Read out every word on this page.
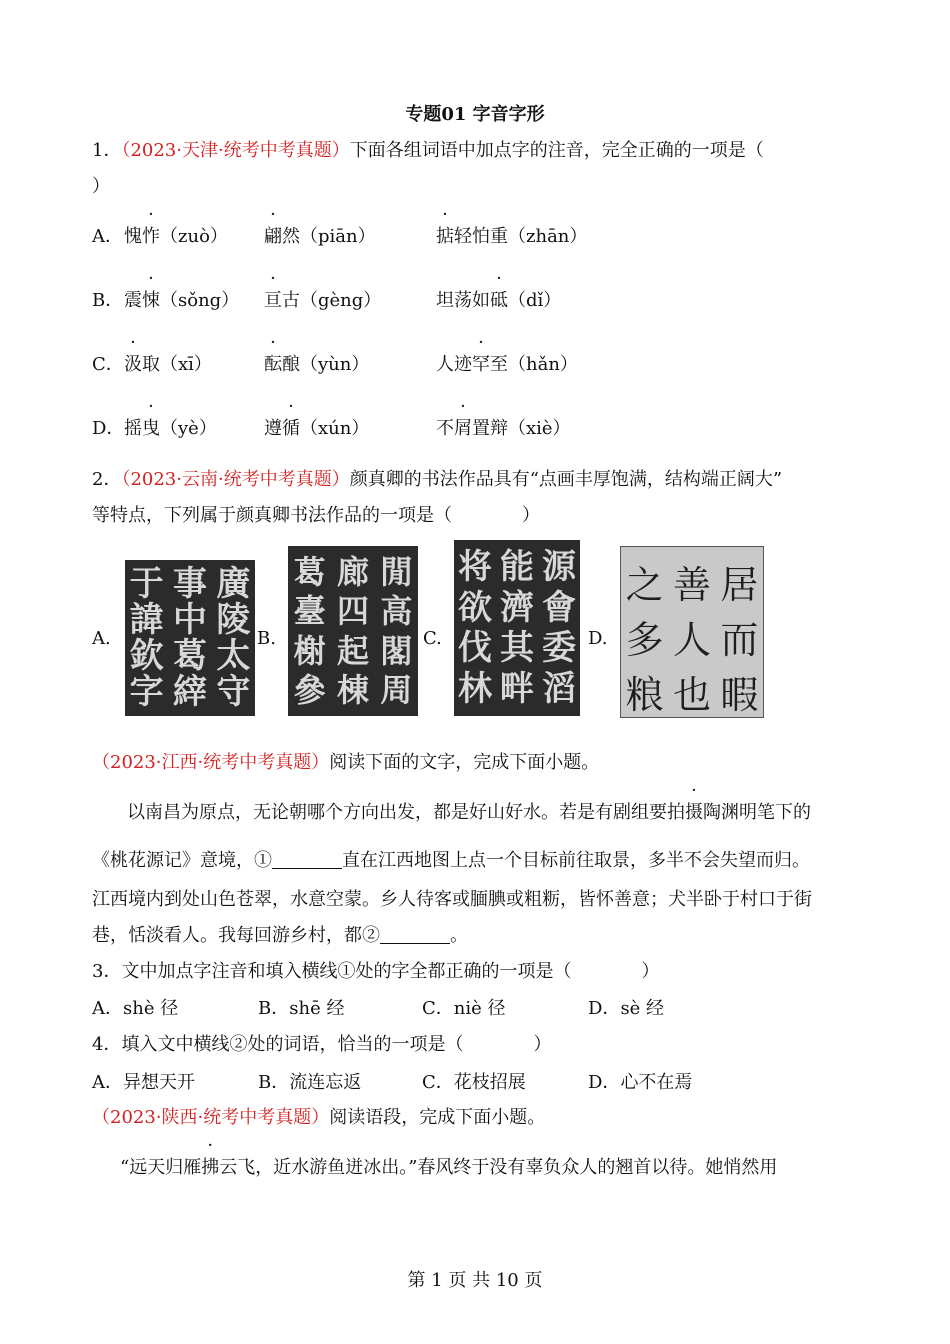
专题01 字音字形
1．（2023·天津·统考中考真题）下面各组词语中加点字的注音，完全正确的一项是（
）
A． 愧怍（zuò） 翩然（piān）	掂轻怕重（zhān）
B． 震悚（sǒng） 亘古（gèng）	坦荡如砥（dǐ）
C． 汲取（xī）	酝酿（yùn）	人迹罕至（hǎn）
D． 摇曳（yè）	遵循（xún）	不屑置辩（xiè）
2．（2023·云南·统考中考真题）颜真卿的书法作品具有“点画丰厚饱满，结构端正阔大”
等特点，下列属于颜真卿书法作品的一项是（	）
A.
廣
陵
太
守
事
中
葛
縡
于
諱
欽
字
B.
閒
高
閣
周
廊
四
起
棟
葛
臺
榭
參
C.
源
會
委
滔
能
濟
其
畔
将
欲
伐
林
D.
居
而
暇
善
人
也
之
多
粮
（2023·江西·统考中考真题）阅读下面的文字，完成下面小题。
以南昌为原点，无论朝哪个方向出发，都是好山好水。若是有剧组要拍摄陶渊明笔下的
《桃花源记》意境，①	直在江西地图上点一个目标前往取景，多半不会失望而归。
江西境内到处山色苍翠，水意空蒙。乡人待客或腼腆或粗粝，皆怀善意；犬半卧于村口于街
巷，恬淡看人。我每回游乡村，都②	。
3．文中加点字注音和填入横线①处的字全都正确的一项是（	）
A．shè 径	B．shē 经	C．niè 径	D．sè 经
4．填入文中横线②处的词语，恰当的一项是（	）
A．异想天开	B．流连忘返	C．花枝招展	D．心不在焉
（2023·陕西·统考中考真题）阅读语段，完成下面小题。
“远天归雁拂云飞，近水游鱼迸冰出。”春风终于没有辜负众人的翘首以待。她悄然用
第 1 页 共 10 页
